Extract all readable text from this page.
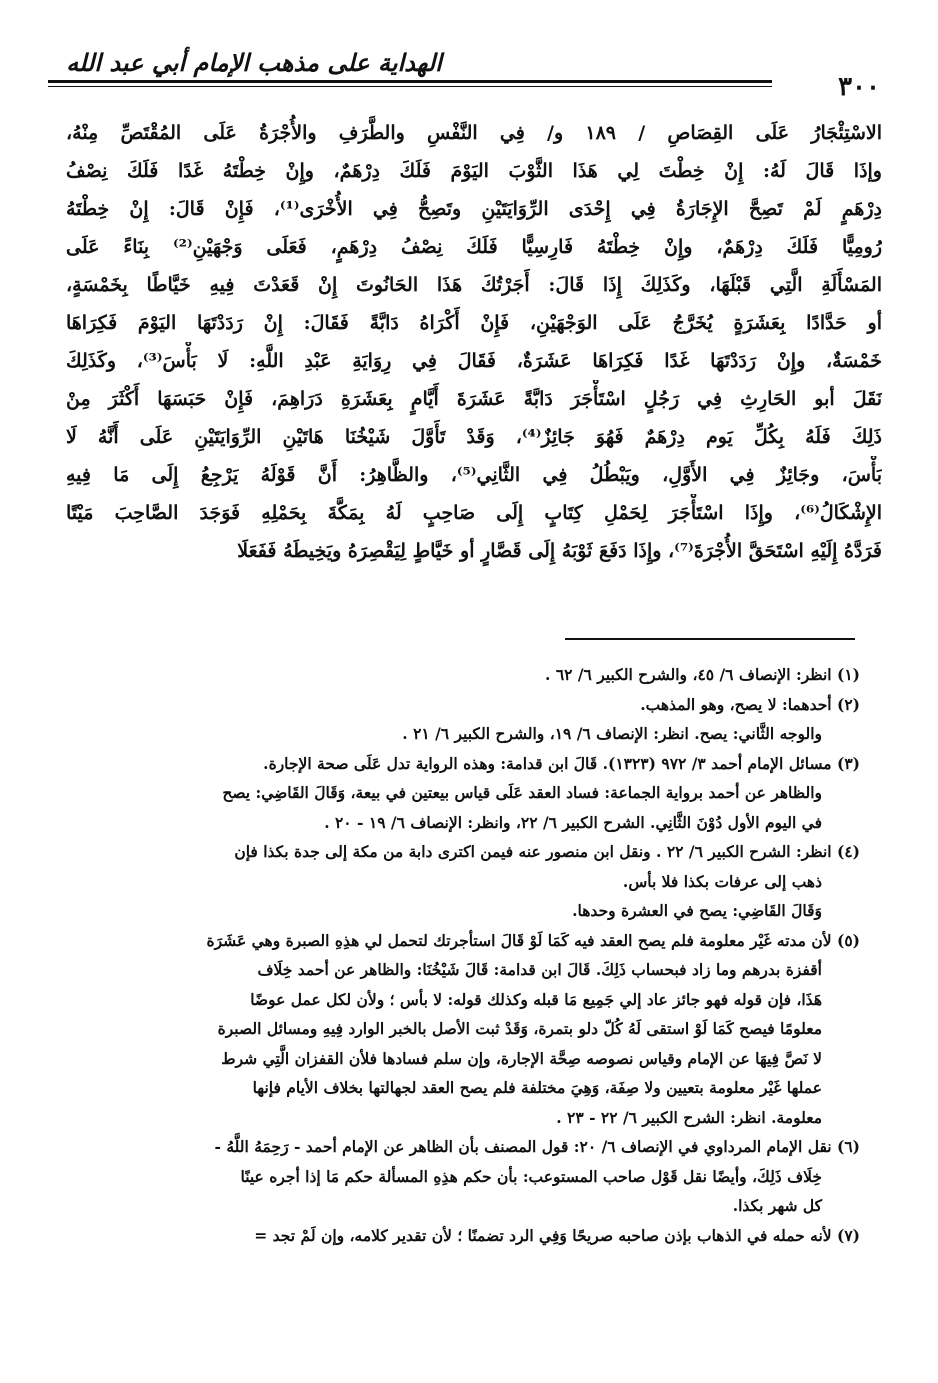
الهداية على مذهب الإمام أبي عبد الله
٣٠٠
الاسْتِئْجَارُ عَلَى القِصَاصِ / ١٨٩ و/ فِي النَّفْسِ والطَّرَفِ والأُجْرَةُ عَلَى المُقْتَصِّ مِنْهُ،
وإذَا قَالَ لَهُ: إِنْ خِطْتَ لِي هَذَا الثَّوْبَ اليَوْمَ فَلَكَ دِرْهَمٌ، وإِنْ خِطْتَهُ غَدًا فَلَكَ نِصْفُ
دِرْهَمٍ لَمْ تَصِحَّ الإِجَارَةُ فِي إِحْدَى الرِّوَايَتَيْنِ وتَصِحُّ فِي الأُخْرَى⁽¹⁾، فَإِنْ قَالَ: إِنْ خِطْتَهُ
رُومِيًّا فَلَكَ دِرْهَمٌ، وإِنْ خِطْتَهُ فَارِسِيًّا فَلَكَ نِصْفُ دِرْهَمٍ، فَعَلَى وَجْهَيْنِ⁽²⁾ بِنَاءً عَلَى
المَسْأَلَةِ الَّتِي قَبْلَهَا، وكَذَلِكَ إِذَا قَالَ: أَجَرْتُكَ هَذَا الحَانُوتَ إِنْ قَعَدْتَ فِيهِ خَيَّاطًا بِخَمْسَةٍ،
أو حَدَّادًا بِعَشَرَةٍ يُخَرَّجُ عَلَى الوَجْهَيْنِ، فَإِنْ أَكْرَاهُ دَابَّةً فَقَالَ: إِنْ رَدَدْتَهَا اليَوْمَ فَكِرَاهَا
خَمْسَةٌ، وإِنْ رَدَدْتَهَا غَدًا فَكِرَاهَا عَشَرَةٌ، فَقَالَ فِي رِوَايَةِ عَبْدِ اللَّهِ: لَا بَأْسَ⁽³⁾، وكَذَلِكَ
نَقَلَ أبو الحَارِثِ فِي رَجُلٍ اسْتَأْجَرَ دَابَّةً عَشَرَةَ أَيَّامٍ بِعَشَرَةِ دَرَاهِمَ، فَإِنْ حَبَسَهَا أَكْثَرَ مِنْ
ذَلِكَ فَلَهُ بِكُلِّ يَوم دِرْهَمٌ فَهُوَ جَائِزٌ⁽⁴⁾، وَقَدْ تَأَوَّلَ شَيْخُنَا هَاتَيْنِ الرِّوَايَتَيْنِ عَلَى أَنَّهُ لَا
بَأْسَ، وجَائِزٌ فِي الأَوَّلِ، ويَبْطُلُ فِي الثَّانِي⁽⁵⁾، والظَّاهِرُ: أَنَّ قَوْلَهُ يَرْجِعُ إِلَى مَا فِيهِ
الإِشْكَالُ⁽⁶⁾، وإِذَا اسْتَأْجَرَ لِحَمْلِ كِتَابٍ إِلَى صَاحِبٍ لَهُ بِمَكَّةَ بِحَمْلِهِ فَوَجَدَ الصَّاحِبَ مَيْتًا
فَرَدَّهُ إِلَيْهِ اسْتَحَقَّ الأُجْرَةَ⁽⁷⁾، وإِذَا دَفَعَ ثَوْبَهُ إِلَى قَصَّارٍ أو خَيَّاطٍ لِيَقْصِرَهُ ويَخِيطَهُ فَفَعَلَا
(١) انظر: الإنصاف ٦/ ٤٥، والشرح الكبير ٦/ ٦٢ .
(٢) أحدهما: لا يصح، وهو المذهب.
والوجه الثَّاني: يصح. انظر: الإنصاف ٦/ ١٩، والشرح الكبير ٦/ ٢١ .
(٣) مسائل الإمام أحمد ٣/ ٩٧٢ (١٣٢٣). قَالَ ابن قدامة: وهذه الرواية تدل عَلَى صحة الإجارة.
والظاهر عن أحمد برواية الجماعة: فساد العقد عَلَى قياس بيعتين في بيعة، وَقَالَ القَاضِي: يصح
في اليوم الأول دُوْنَ الثَّانِي. الشرح الكبير ٦/ ٢٢، وانظر: الإنصاف ٦/ ١٩ - ٢٠ .
(٤) انظر: الشرح الكبير ٦/ ٢٢ . ونقل ابن منصور عنه فيمن اكترى دابة من مكة إلى جدة بكذا فإن
ذهب إلى عرفات بكذا فلا بأس.
وَقَالَ القَاضِي: يصح في العشرة وحدها.
(٥) لأن مدته غَيْر معلومة فلم يصح العقد فيه كَمَا لَوْ قَالَ استأجرتك لتحمل لي هذِهِ الصبرة وهي عَشَرَة
أقفزة بدرهم وما زاد فبحساب ذَلِكَ. قَالَ ابن قدامة: قَالَ شَيْخُنَا: والظاهر عن أحمد خِلَاف
هَذَا، فإن قوله فهو جائز عاد إلي جَمِيع مَا قبله وكذلك قوله: لا بأس ؛ ولأن لكل عمل عوضًا
معلومًا فيصح كَمَا لَوْ استقى لَهُ كُلّ دلو بتمرة، وَقَدْ ثبت الأصل بالخبر الوارد فِيهِ ومسائل الصبرة
لا نَصَّ فِيهَا عن الإمام وقياس نصوصه صِحَّة الإجارة، وإن سلم فسادها فلأن القفزان الَّتِي شرط
عملها غَيْر معلومة بتعيين ولا صِفَة، وَهِيَ مختلفة فلم يصح العقد لجهالتها بخلاف الأيام فإنها
معلومة. انظر: الشرح الكبير ٦/ ٢٢ - ٢٣ .
(٦) نقل الإمام المرداوي في الإنصاف ٦/ ٢٠: قول المصنف بأن الظاهر عن الإمام أحمد - رَحِمَهُ اللَّهُ -
خِلَاف ذَلِكَ، وأيضًا نقل قَوْل صاحب المستوعب: بأن حكم هذِهِ المسألة حكم مَا إذا أجره عينًا
كل شهر بكذا.
(٧) لأنه حمله في الذهاب بإذن صاحبه صريحًا وَفِي الرد تضمنًا ؛ لأن تقدير كلامه، وإن لَمْ تجد =
